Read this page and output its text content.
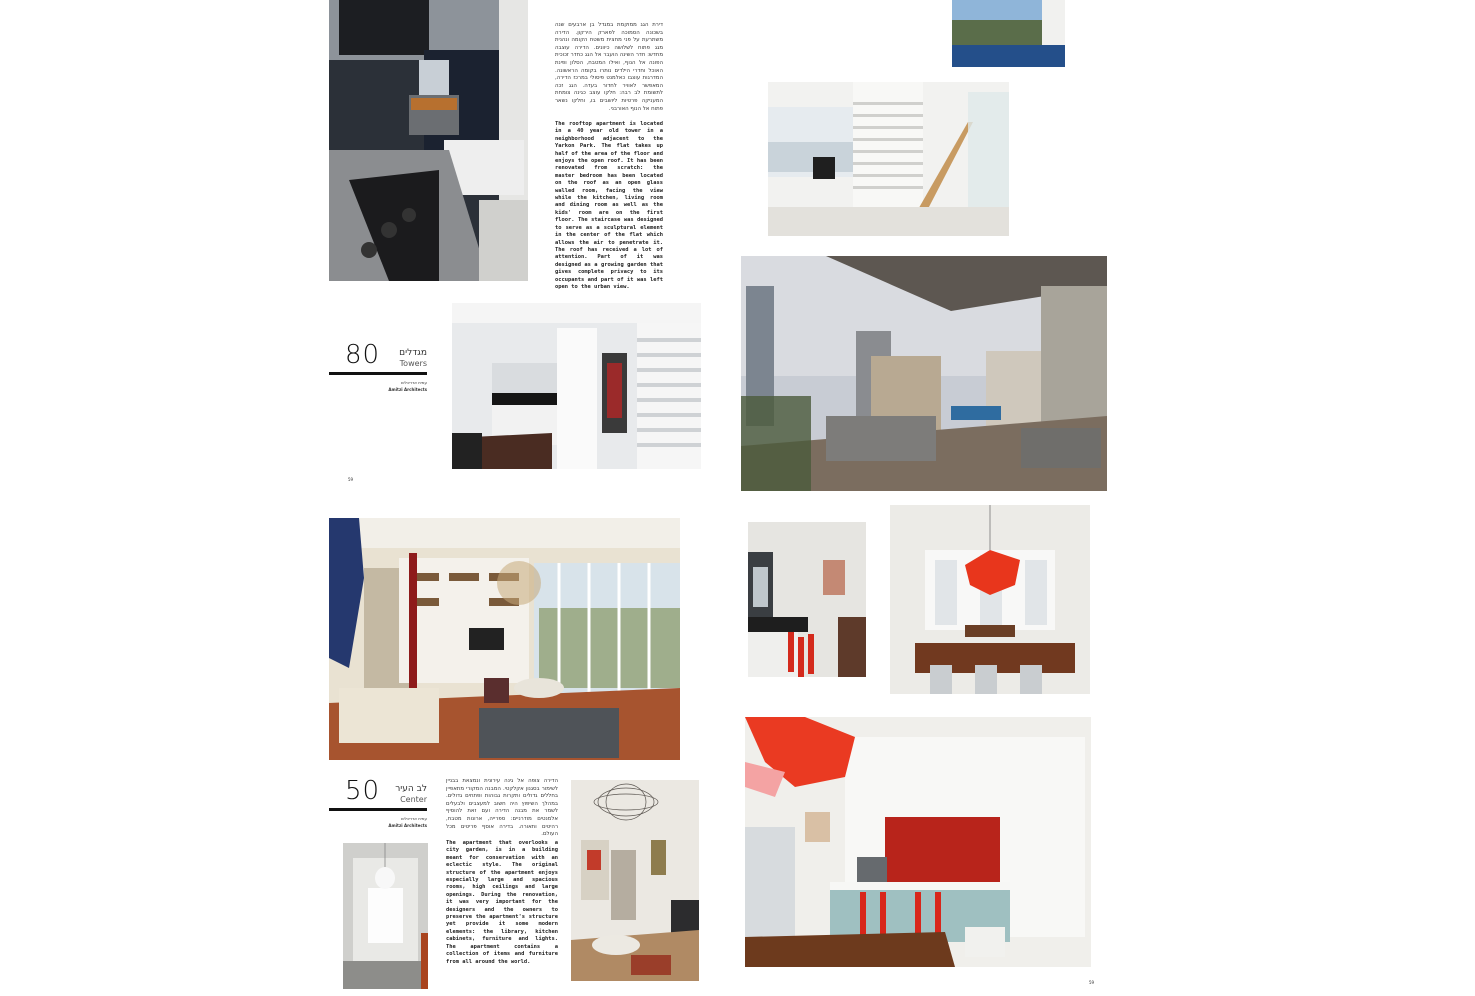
דירת הגג ממוקמת במגדל בן ארבעים שנה בשכונה הסמוכה לפארק הירקון. הדירה משתרעת על פני מחצית משטח הקומה ונהנית מגג פתוח לשלושה כיוונים. הדירה עוצבה מחדש: חדר השינה הועבר אל הגג כחדר זכוכית הפונה אל הנוף, ואילו המטבח, הסלון ופינת האוכל וחדרי הילדים נותרו בקומה הראשונה. המדרגות עוצבו כאלמנט פיסולי במרכז הדירה, המאפשר לאוויר לחדור בעדה. הגג זכה לתשומת לב רבה: חלקו עוצב כגינה צומחת המעניקה פרטיות ליושבים בו, וחלקו נשאר פתוח אל הנוף האורבני.
The rooftop apartment is located in a 40 year old tower in a neighborhood adjacent to the Yarkon Park. The flat takes up half of the area of the floor and enjoys the open roof. It has been renovated from scratch: the master bedroom has been located on the roof as an open glass walled room, facing the view while the kitchen, living room and dining room as well as the kids' room are on the first floor. The staircase was designed to serve as a sculptural element in the center of the flat which allows the air to penetrate it. The roof has received a lot of attention. Part of it was designed as a growing garden that gives complete privacy to its occupants and part of it was left open to the urban view.
80 מגדלים
Towers
עמית אדריכלים
Amitzi Architects
59
50 לב העיר
Center
עמית אדריכלים
Amitzi Architects
הדירה צופה אל גינה עירונית ונמצאת בבניין לשימור בסגנון אקלקטי. המבנה המקורי מתאפיין בחללים גדולים ותקרות גבוהות ופתחים גדולים. במהלך השיפוץ היה חשוב למעצבים ולבעלים לשמר את מבנה הדירה ועם זאת להוסיף אלמנטים מודרניים: ספרייה, ארונות מטבח, רהיטים ותאורה. בדירה אוסף פריטים מכל העולם.
The apartment that overlooks a city garden, is in a building meant for conservation with an eclectic style. The original structure of the apartment enjoys especially large and spacious rooms, high ceilings and large openings. During the renovation, it was very important for the designers and the owners to preserve the apartment's structure yet provide it some modern elements: the library, kitchen cabinets, furniture and lights. The apartment contains a collection of items and furniture from all around the world.
59
